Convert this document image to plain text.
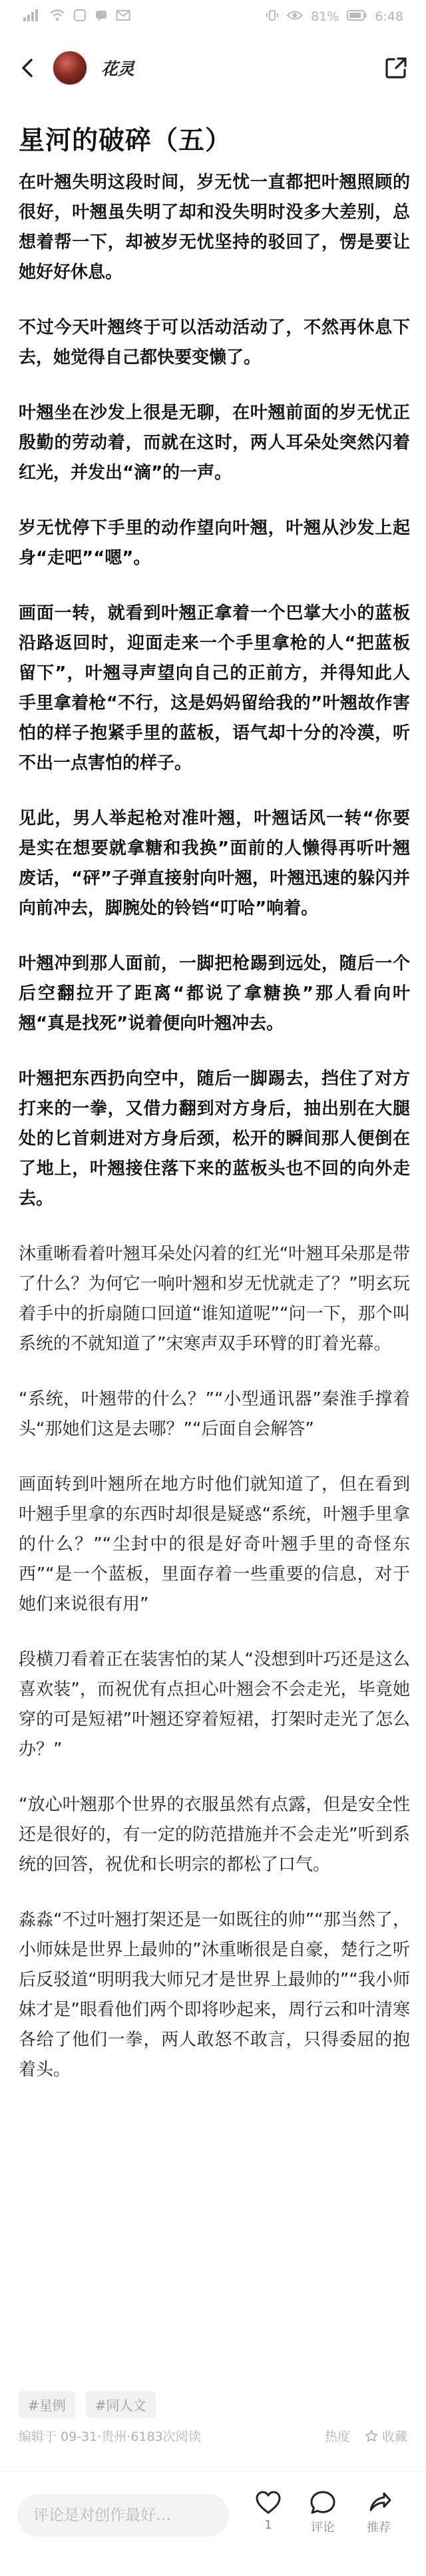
81%	6:48
花灵
星河的破碎（五）

在叶翘失明这段时间，岁无忧一直都把叶翘照顾的很好，叶翘虽失明了却和没失明时没多大差别，总想着帮一下，却被岁无忧坚持的驳回了，愣是要让她好好休息。

不过今天叶翘终于可以活动活动了，不然再休息下去，她觉得自己都快要变懒了。

叶翘坐在沙发上很是无聊，在叶翘前面的岁无忧正殷勤的劳动着，而就在这时，两人耳朵处突然闪着红光，并发出“滴”的一声。

岁无忧停下手里的动作望向叶翘，叶翘从沙发上起身“走吧”“嗯”。

画面一转，就看到叶翘正拿着一个巴掌大小的蓝板沿路返回时，迎面走来一个手里拿枪的人“把蓝板留下”，叶翘寻声望向自己的正前方，并得知此人手里拿着枪“不行，这是妈妈留给我的”叶翘故作害怕的样子抱紧手里的蓝板，语气却十分的冷漠，听不出一点害怕的样子。

见此，男人举起枪对准叶翘，叶翘话风一转“你要是实在想要就拿糖和我换”面前的人懒得再听叶翘废话，“砰”子弹直接射向叶翘，叶翘迅速的躲闪并向前冲去，脚腕处的铃铛“叮哈”响着。

叶翘冲到那人面前，一脚把枪踢到远处，随后一个后空翻拉开了距离“都说了拿糖换”那人看向叶翘“真是找死”说着便向叶翘冲去。

叶翘把东西扔向空中，随后一脚踢去，挡住了对方打来的一拳，又借力翻到对方身后，抽出别在大腿处的匕首刺进对方身后颈，松开的瞬间那人便倒在了地上，叶翘接住落下来的蓝板头也不回的向外走去。

沐重晰看着叶翘耳朵处闪着的红光“叶翘耳朵那是带了什么？为何它一响叶翘和岁无忧就走了？”明玄玩着手中的折扇随口回道“谁知道呢”“问一下，那个叫系统的不就知道了”宋寒声双手环臂的盯着光幕。

“系统，叶翘带的什么？”“小型通讯器”秦淮手撑着头“那她们这是去哪？”“后面自会解答”

画面转到叶翘所在地方时他们就知道了，但在看到叶翘手里拿的东西时却很是疑惑“系统，叶翘手里拿的什么？”“尘封中的很是好奇叶翘手里的奇怪东西”“是一个蓝板，里面存着一些重要的信息，对于她们来说很有用”

段横刀看着正在装害怕的某人“没想到叶巧还是这么喜欢装”，而祝优有点担心叶翘会不会走光，毕竟她穿的可是短裙”叶翘还穿着短裙，打架时走光了怎么办？”

“放心叶翘那个世界的衣服虽然有点露，但是安全性还是很好的，有一定的防范措施并不会走光”听到系统的回答，祝优和长明宗的都松了口气。

淼淼“不过叶翘打架还是一如既往的帅”“那当然了，小师妹是世界上最帅的”沐重晰很是自豪，楚行之听后反驳道“明明我大师兄才是世界上最帅的”“我小师妹才是”眼看他们两个即将吵起来，周行云和叶清寒各给了他们一拳，两人敢怒不敢言，只得委屈的抱着头。

#星例	#同人文
编辑于 09-31·贵州·6183次阅读	热度	收藏
评论是对创作最好…
1	评论	推荐
